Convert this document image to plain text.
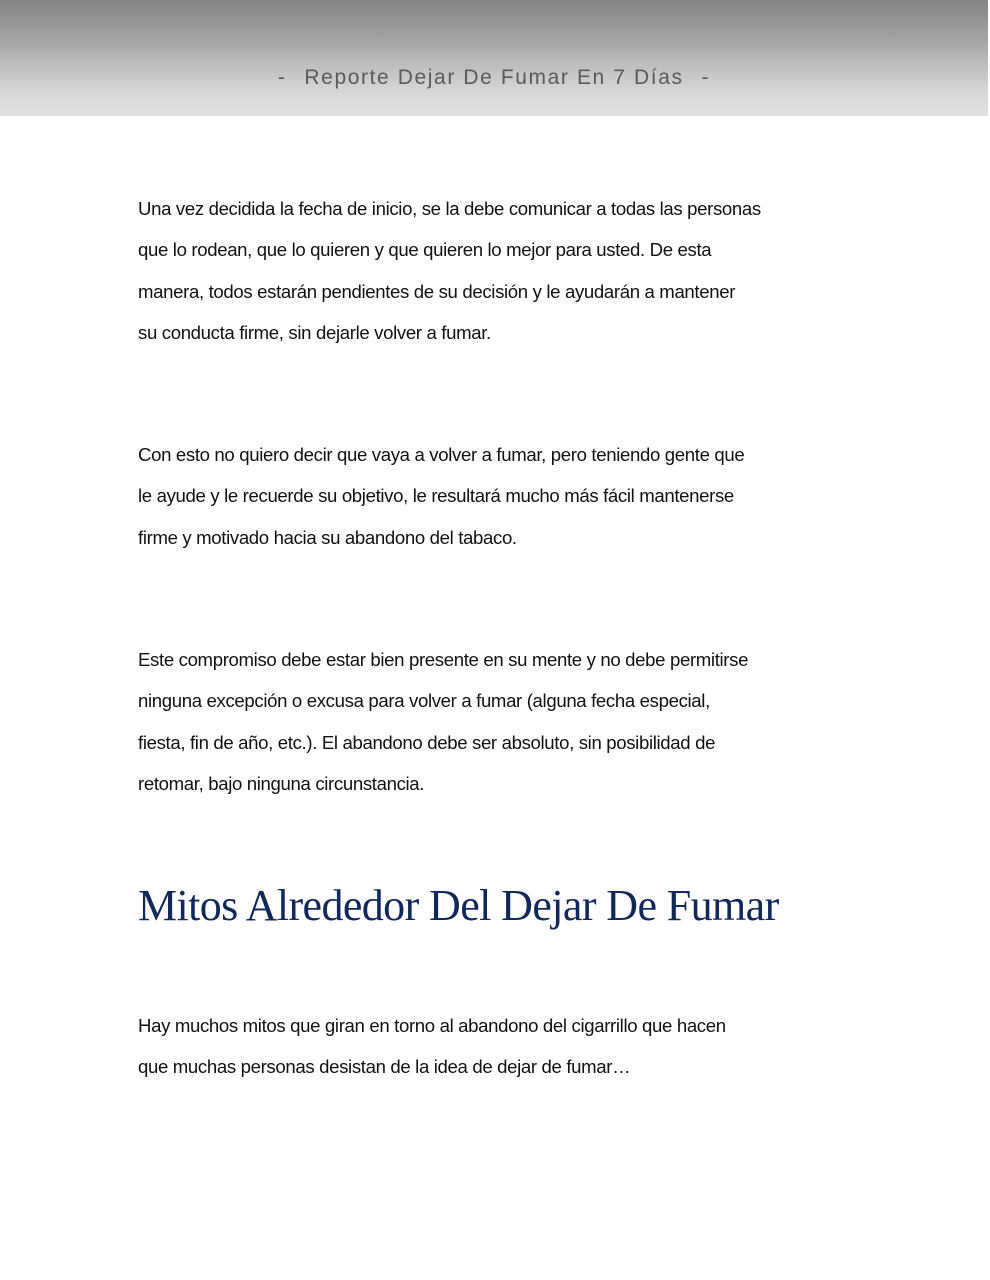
- Reporte Dejar De Fumar En 7 Días -

Una vez decidida la fecha de inicio, se la debe comunicar a todas las personas
que lo rodean, que lo quieren y que quieren lo mejor para usted. De esta
manera, todos estarán pendientes de su decisión y le ayudarán a mantener
su conducta firme, sin dejarle volver a fumar.

Con esto no quiero decir que vaya a volver a fumar, pero teniendo gente que
le ayude y le recuerde su objetivo, le resultará mucho más fácil mantenerse
firme y motivado hacia su abandono del tabaco.

Este compromiso debe estar bien presente en su mente y no debe permitirse
ninguna excepción o excusa para volver a fumar (alguna fecha especial,
fiesta, fin de año, etc.). El abandono debe ser absoluto, sin posibilidad de
retomar, bajo ninguna circunstancia.

Mitos Alrededor Del Dejar De Fumar

Hay muchos mitos que giran en torno al abandono del cigarrillo que hacen
que muchas personas desistan de la idea de dejar de fumar…
